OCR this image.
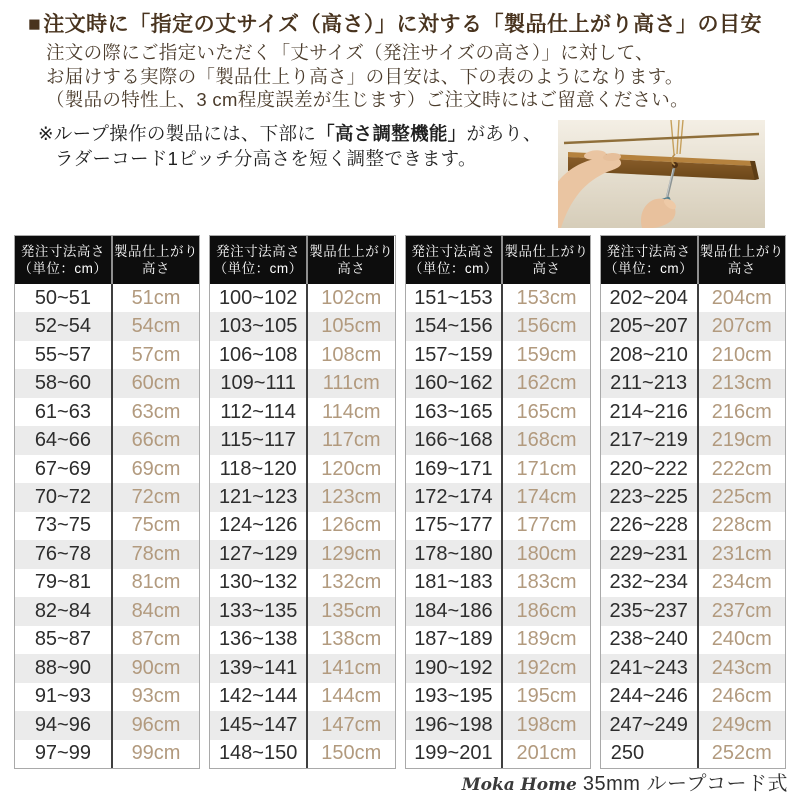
■注文時に「指定の丈サイズ（高さ）」に対する「製品仕上がり高さ」の目安
注文の際にご指定いただく「丈サイズ（発注サイズの高さ）」に対して、
お届けする実際の「製品仕上り高さ」の目安は、下の表のようになります。
（製品の特性上、3 cm程度誤差が生じます）ご注文時にはご留意ください。
※ループ操作の製品には、下部に「高さ調整機能」があり、
ラダーコード1ピッチ分高さを短く調整できます。
発注寸法高さ
（単位：cm）
製品仕上がり
高さ
50~51	51cm
52~54	54cm
55~57	57cm
58~60	60cm
61~63	63cm
64~66	66cm
67~69	69cm
70~72	72cm
73~75	75cm
76~78	78cm
79~81	81cm
82~84	84cm
85~87	87cm
88~90	90cm
91~93	93cm
94~96	96cm
97~99	99cm
発注寸法高さ
（単位：cm）
製品仕上がり
高さ
100~102	102cm
103~105	105cm
106~108	108cm
109~111	111cm
112~114	114cm
115~117	117cm
118~120	120cm
121~123	123cm
124~126	126cm
127~129	129cm
130~132	132cm
133~135	135cm
136~138	138cm
139~141	141cm
142~144	144cm
145~147	147cm
148~150	150cm
発注寸法高さ
（単位：cm）
製品仕上がり
高さ
151~153	153cm
154~156	156cm
157~159	159cm
160~162	162cm
163~165	165cm
166~168	168cm
169~171	171cm
172~174	174cm
175~177	177cm
178~180	180cm
181~183	183cm
184~186	186cm
187~189	189cm
190~192	192cm
193~195	195cm
196~198	198cm
199~201	201cm
発注寸法高さ
（単位：cm）
製品仕上がり
高さ
202~204	204cm
205~207	207cm
208~210	210cm
211~213	213cm
214~216	216cm
217~219	219cm
220~222	222cm
223~225	225cm
226~228	228cm
229~231	231cm
232~234	234cm
235~237	237cm
238~240	240cm
241~243	243cm
244~246	246cm
247~249	249cm
250	252cm
Moka Home 35mm ループコード式
